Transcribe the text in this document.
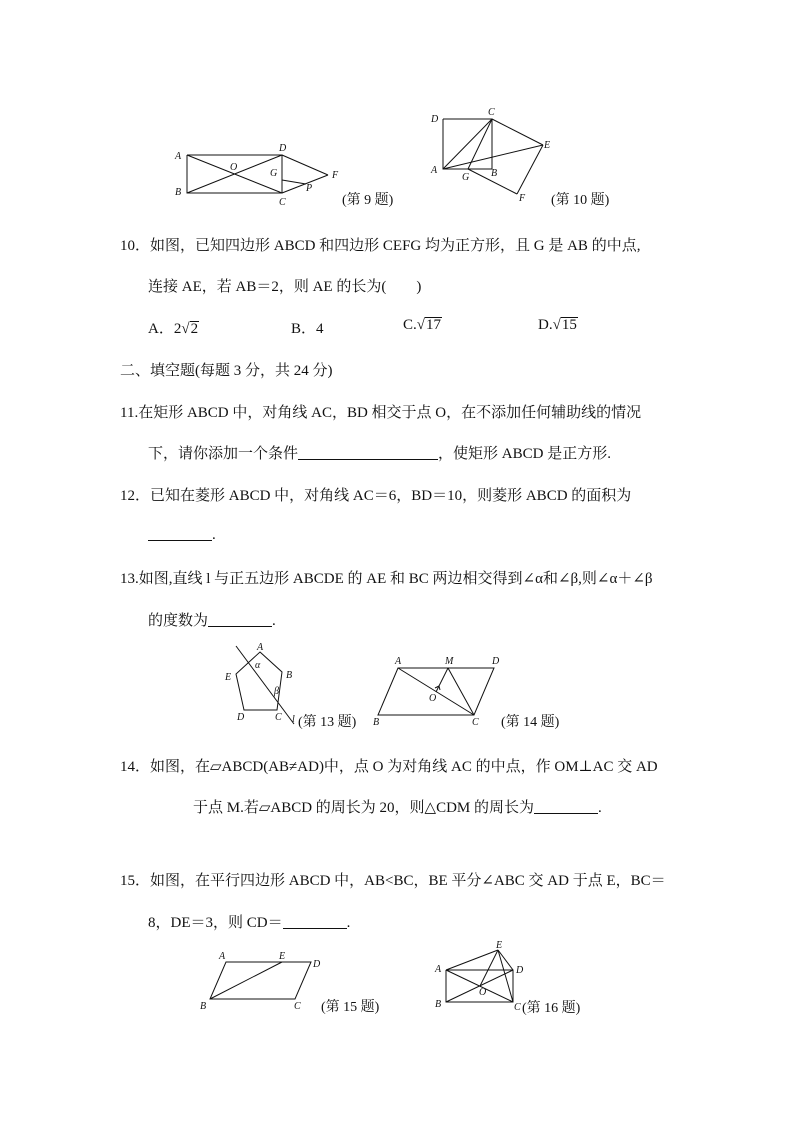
A
B
C
D
O
G
P
F
(第 9 题)
D
C
E
A
G B
F (第 10 题)
10．如图，已知四边形 ABCD 和四边形 CEFG 均为正方形，且 G 是 AB 的中点,
连接 AE，若 AB＝2，则 AE 的长为(　　)
A．2√2	B．4	C.√17	D.√15
二、填空题(每题 3 分，共 24 分)
11.在矩形 ABCD 中，对角线 AC，BD 相交于点 O，在不添加任何辅助线的情况
下，请你添加一个条件	，使矩形 ABCD 是正方形.
12．已知在菱形 ABCD 中，对角线 AC＝6，BD＝10，则菱形 ABCD 的面积为
.
13.如图,直线 l 与正五边形 ABCDE 的 AE 和 BC 两边相交得到∠α和∠β,则∠α＋∠β
的度数为	.
A
B
C
D
E
α
β
l (第 13 题)
A	M	D
O
B	C (第 14 题)
14．如图，在▱ABCD(AB≠AD)中，点 O 为对角线 AC 的中点，作 OM⊥AC 交 AD
于点 M.若▱ABCD 的周长为 20，则△CDM 的周长为	.
15．如图，在平行四边形 ABCD 中，AB<BC，BE 平分∠ABC 交 AD 于点 E，BC＝
8，DE＝3，则 CD＝	.
A	E
D
B	C (第 15 题)
A
E
D
O
B	C (第 16 题)
